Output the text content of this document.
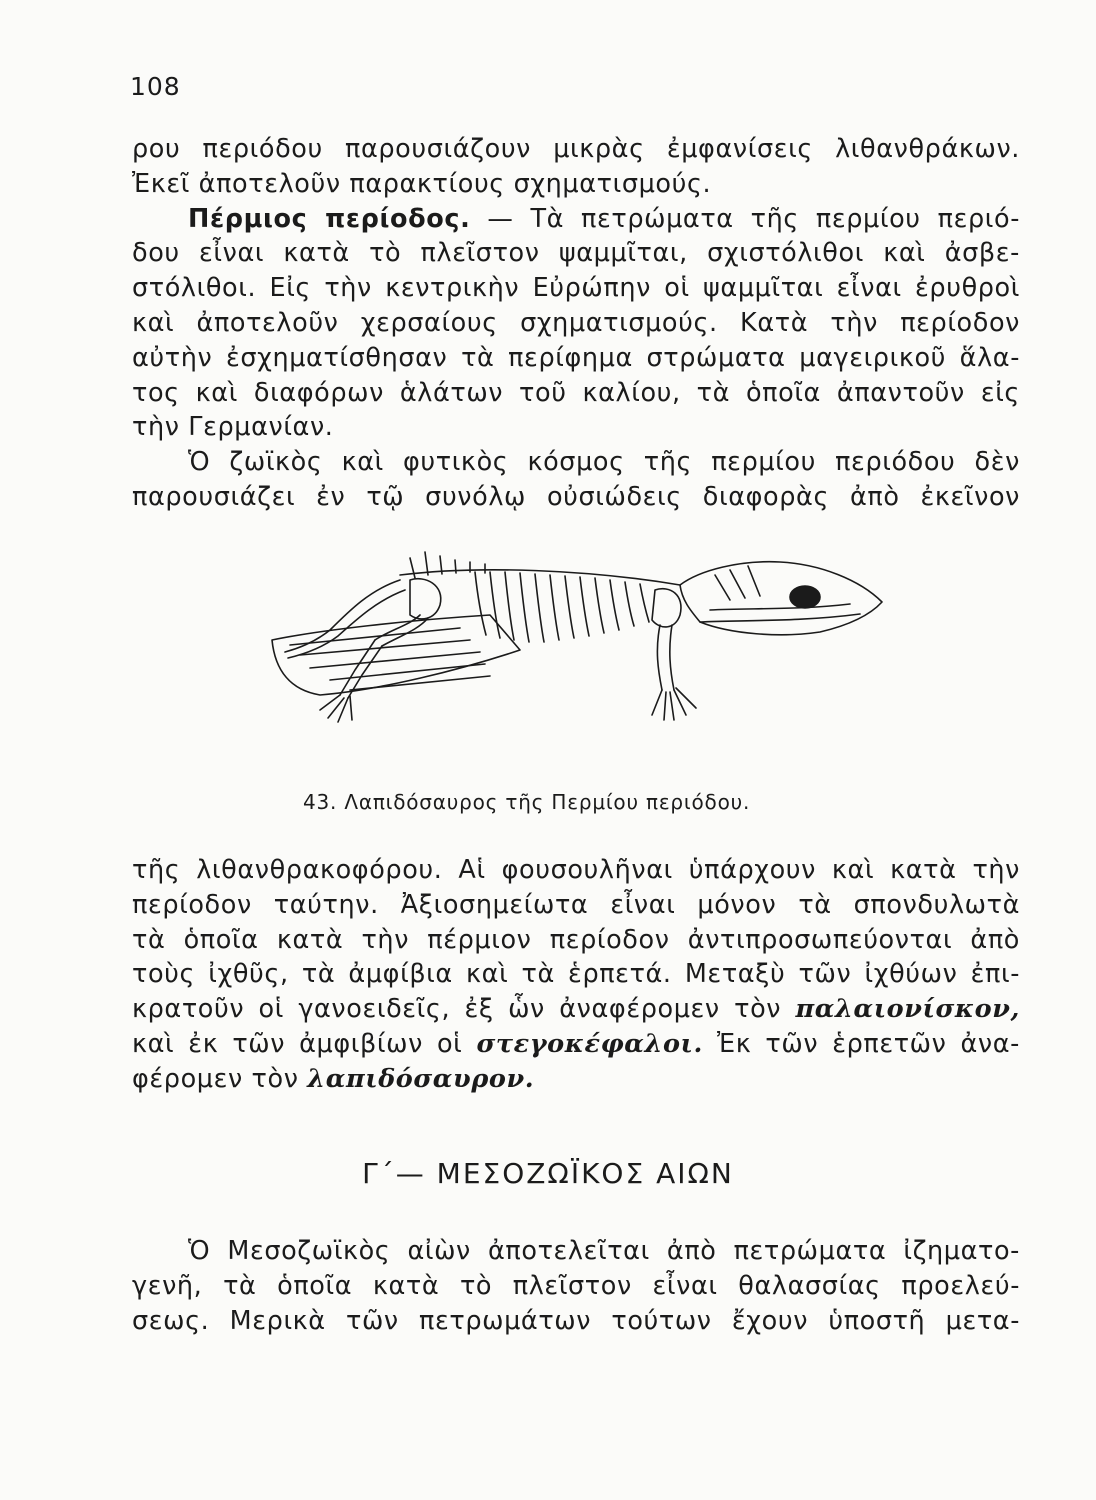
108
ρου περιόδου παρουσιάζουν μικρὰς ἐμφανίσεις λιθανθράκων.
Ἐκεῖ ἀποτελοῦν παρακτίους σχηματισμούς.
Πέρμιος περίοδος. — Τὰ πετρώματα τῆς περμίου περιό-
δου εἶναι κατὰ τὸ πλεῖστον ψαμμῖται, σχιστόλιθοι καὶ ἀσβε-
στόλιθοι. Εἰς τὴν κεντρικὴν Εὐρώπην οἱ ψαμμῖται εἶναι ἐρυθροὶ
καὶ ἀποτελοῦν χερσαίους σχηματισμούς. Κατὰ τὴν περίοδον
αὐτὴν ἐσχηματίσθησαν τὰ περίφημα στρώματα μαγειρικοῦ ἅλα-
τος καὶ διαφόρων ἁλάτων τοῦ καλίου, τὰ ὁποῖα ἀπαντοῦν εἰς
τὴν Γερμανίαν.
Ὁ ζωϊκὸς καὶ φυτικὸς κόσμος τῆς περμίου περιόδου δὲν
παρουσιάζει ἐν τῷ συνόλῳ οὐσιώδεις διαφορὰς ἀπὸ ἐκεῖνον
43. Λαπιδόσαυρος τῆς Περμίου περιόδου.
τῆς λιθανθρακοφόρου. Αἱ φουσουλῆναι ὑπάρχουν καὶ κατὰ τὴν
περίοδον ταύτην. Ἀξιοσημείωτα εἶναι μόνον τὰ σπονδυλωτὰ
τὰ ὁποῖα κατὰ τὴν πέρμιον περίοδον ἀντιπροσωπεύονται ἀπὸ
τοὺς ἰχθῦς, τὰ ἀμφίβια καὶ τὰ ἑρπετά. Μεταξὺ τῶν ἰχθύων ἐπι-
κρατοῦν οἱ γανοειδεῖς, ἐξ ὧν ἀναφέρομεν τὸν παλαιονίσκον,
καὶ ἐκ τῶν ἀμφιβίων οἱ στεγοκέφαλοι. Ἐκ τῶν ἑρπετῶν ἀνα-
φέρομεν τὸν λαπιδόσαυρον.
Γ΄— ΜΕΣΟΖΩΪΚΟΣ ΑΙΩΝ
Ὁ Μεσοζωϊκὸς αἰὼν ἀποτελεῖται ἀπὸ πετρώματα ἰζηματο-
γενῆ, τὰ ὁποῖα κατὰ τὸ πλεῖστον εἶναι θαλασσίας προελεύ-
σεως. Μερικὰ τῶν πετρωμάτων τούτων ἔχουν ὑποστῆ μετα-
